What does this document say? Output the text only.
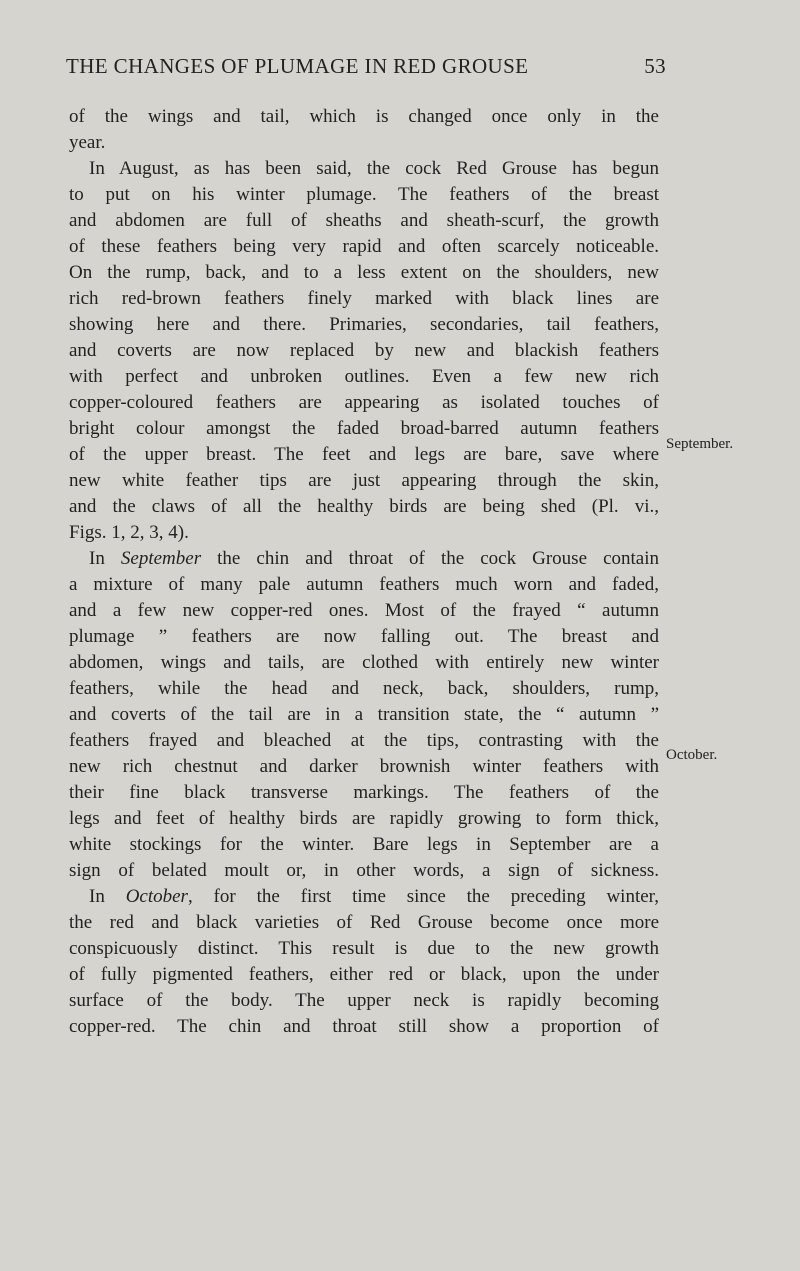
THE CHANGES OF PLUMAGE IN RED GROUSE	53
of the wings and tail, which is changed once only in the
year.
In August, as has been said, the cock Red Grouse has begun
to put on his winter plumage. The feathers of the breast
and abdomen are full of sheaths and sheath-scurf, the growth
of these feathers being very rapid and often scarcely noticeable.
On the rump, back, and to a less extent on the shoulders, new
rich red-brown feathers finely marked with black lines are
showing here and there. Primaries, secondaries, tail feathers,
and coverts are now replaced by new and blackish feathers
with perfect and unbroken outlines. Even a few new rich
copper-coloured feathers are appearing as isolated touches of
bright colour amongst the faded broad-barred autumn feathers
of the upper breast. The feet and legs are bare, save where
new white feather tips are just appearing through the skin,
and the claws of all the healthy birds are being shed (Pl. vi.,
Figs. 1, 2, 3, 4).
In September the chin and throat of the cock Grouse contain
a mixture of many pale autumn feathers much worn and faded,
and a few new copper-red ones. Most of the frayed “ autumn
plumage ” feathers are now falling out. The breast and
abdomen, wings and tails, are clothed with entirely new winter
feathers, while the head and neck, back, shoulders, rump,
and coverts of the tail are in a transition state, the “ autumn ”
feathers frayed and bleached at the tips, contrasting with the
new rich chestnut and darker brownish winter feathers with
their fine black transverse markings. The feathers of the
legs and feet of healthy birds are rapidly growing to form thick,
white stockings for the winter. Bare legs in September are a
sign of belated moult or, in other words, a sign of sickness.
In October, for the first time since the preceding winter,
the red and black varieties of Red Grouse become once more
conspicuously distinct. This result is due to the new growth
of fully pigmented feathers, either red or black, upon the under
surface of the body. The upper neck is rapidly becoming
copper-red. The chin and throat still show a proportion of
September.
October.
